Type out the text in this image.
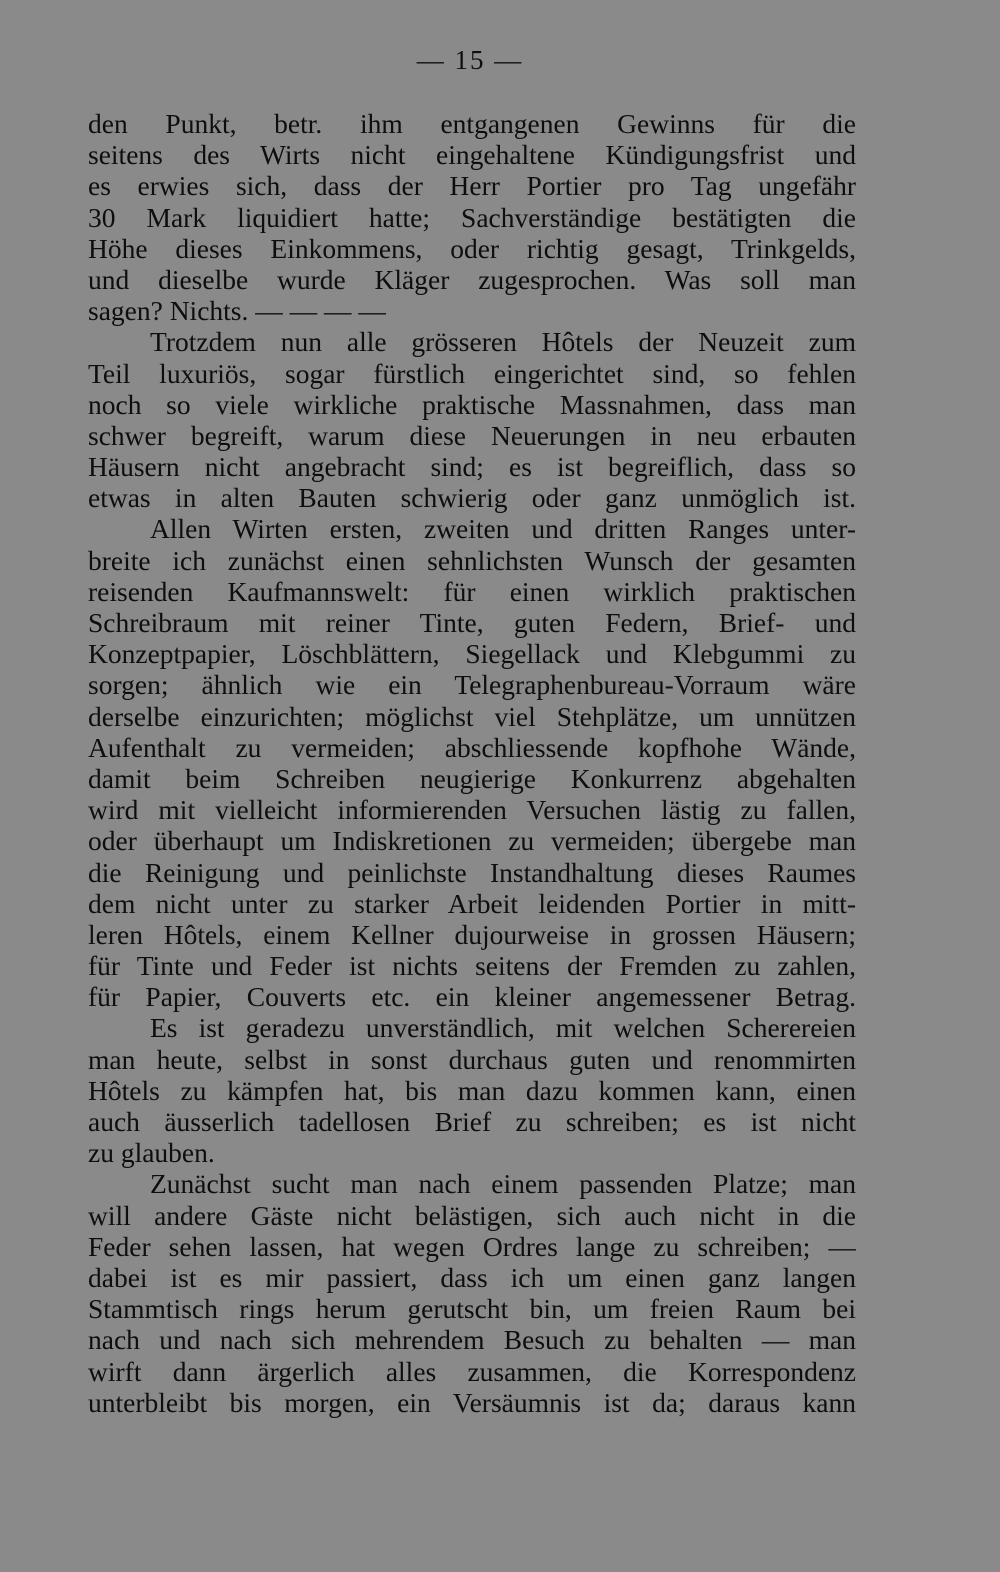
— 15 —
den Punkt, betr. ihm entgangenen Gewinns für die
seitens des Wirts nicht eingehaltene Kündigungsfrist und
es erwies sich, dass der Herr Portier pro Tag ungefähr
30 Mark liquidiert hatte; Sachverständige bestätigten die
Höhe dieses Einkommens, oder richtig gesagt, Trinkgelds,
und dieselbe wurde Kläger zugesprochen. Was soll man
sagen? Nichts. — — — —
Trotzdem nun alle grösseren Hôtels der Neuzeit zum
Teil luxuriös, sogar fürstlich eingerichtet sind, so fehlen
noch so viele wirkliche praktische Massnahmen, dass man
schwer begreift, warum diese Neuerungen in neu erbauten
Häusern nicht angebracht sind; es ist begreiflich, dass so
etwas in alten Bauten schwierig oder ganz unmöglich ist.
Allen Wirten ersten, zweiten und dritten Ranges unter-
breite ich zunächst einen sehnlichsten Wunsch der gesamten
reisenden Kaufmannswelt: für einen wirklich praktischen
Schreibraum mit reiner Tinte, guten Federn, Brief- und
Konzeptpapier, Löschblättern, Siegellack und Klebgummi zu
sorgen; ähnlich wie ein Telegraphenbureau-Vorraum wäre
derselbe einzurichten; möglichst viel Stehplätze, um unnützen
Aufenthalt zu vermeiden; abschliessende kopfhohe Wände,
damit beim Schreiben neugierige Konkurrenz abgehalten
wird mit vielleicht informierenden Versuchen lästig zu fallen,
oder überhaupt um Indiskretionen zu vermeiden; übergebe man
die Reinigung und peinlichste Instandhaltung dieses Raumes
dem nicht unter zu starker Arbeit leidenden Portier in mitt-
leren Hôtels, einem Kellner dujourweise in grossen Häusern;
für Tinte und Feder ist nichts seitens der Fremden zu zahlen,
für Papier, Couverts etc. ein kleiner angemessener Betrag.
Es ist geradezu unverständlich, mit welchen Scherereien
man heute, selbst in sonst durchaus guten und renommirten
Hôtels zu kämpfen hat, bis man dazu kommen kann, einen
auch äusserlich tadellosen Brief zu schreiben; es ist nicht
zu glauben.
Zunächst sucht man nach einem passenden Platze; man
will andere Gäste nicht belästigen, sich auch nicht in die
Feder sehen lassen, hat wegen Ordres lange zu schreiben; —
dabei ist es mir passiert, dass ich um einen ganz langen
Stammtisch rings herum gerutscht bin, um freien Raum bei
nach und nach sich mehrendem Besuch zu behalten — man
wirft dann ärgerlich alles zusammen, die Korrespondenz
unterbleibt bis morgen, ein Versäumnis ist da; daraus kann
